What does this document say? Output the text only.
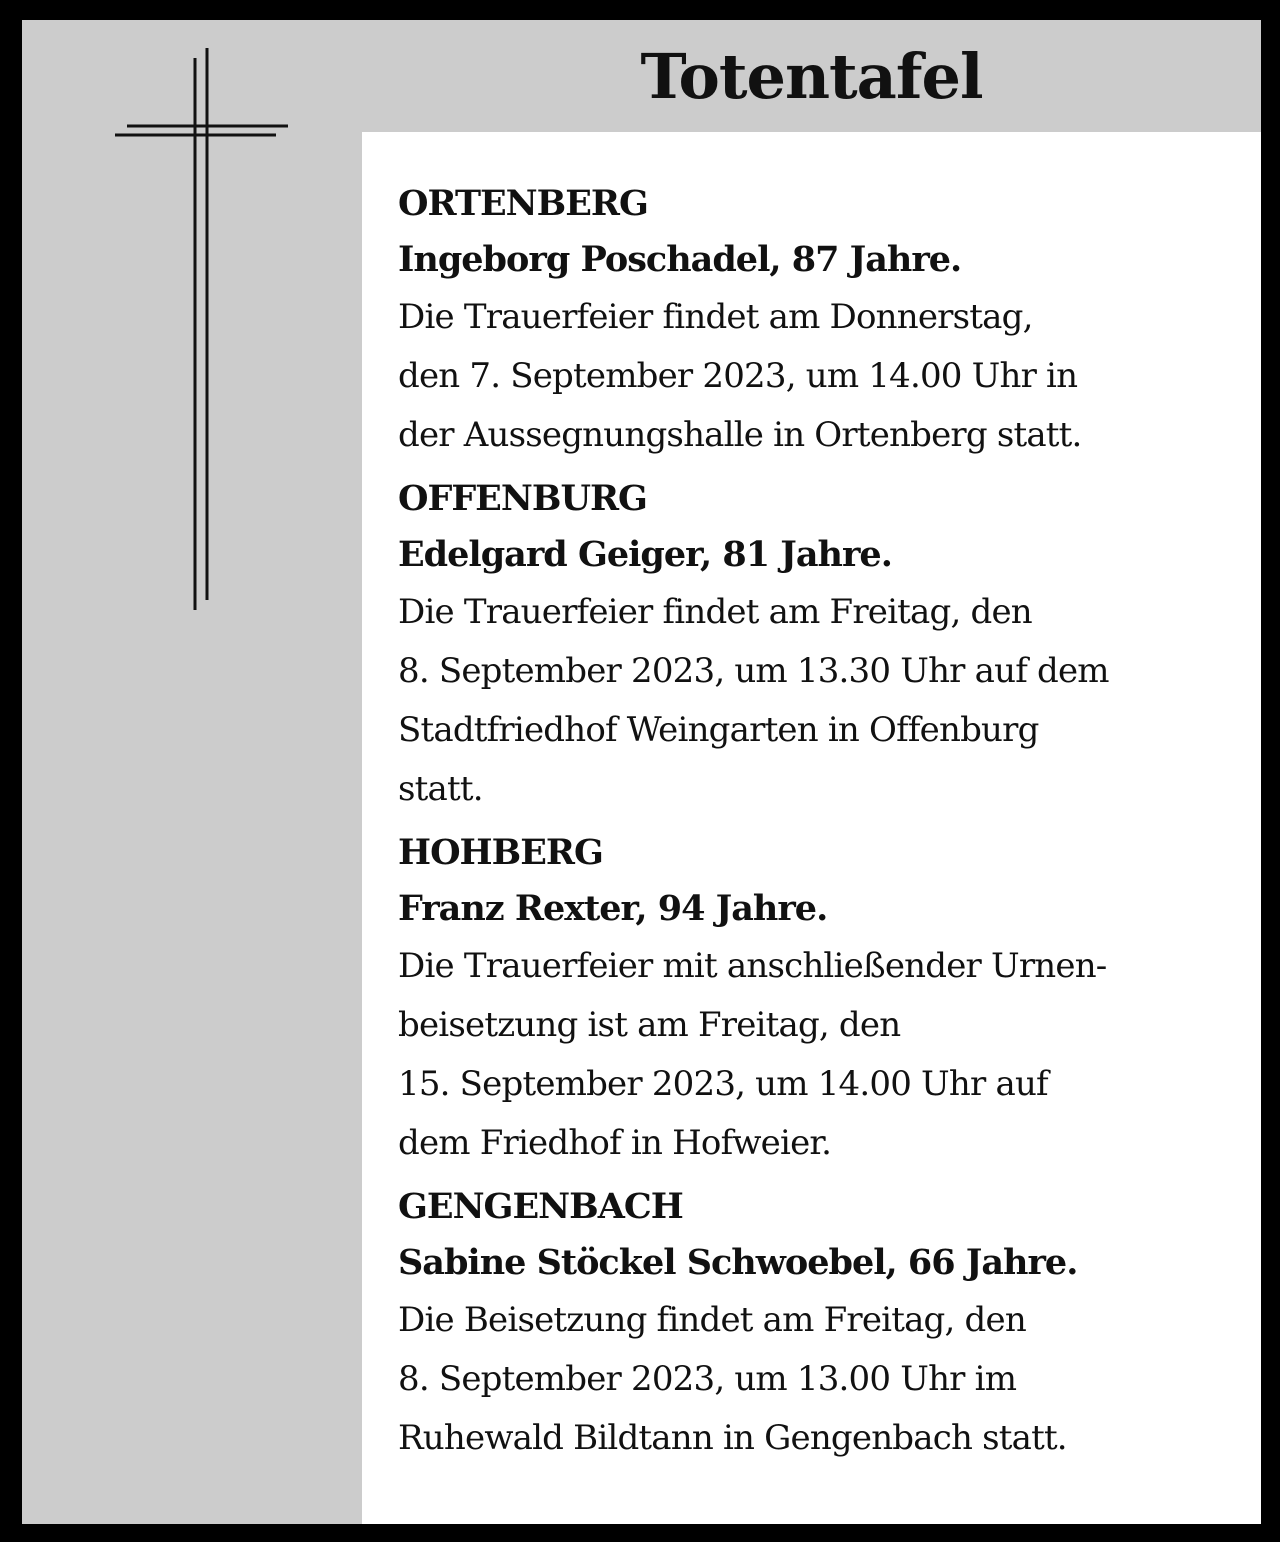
Totentafel
ORTENBERG
Ingeborg Poschadel, 87 Jahre.
Die Trauerfeier findet am Donnerstag,
den 7. September 2023, um 14.00 Uhr in
der Aussegnungshalle in Ortenberg statt.
OFFENBURG
Edelgard Geiger, 81 Jahre.
Die Trauerfeier findet am Freitag, den
8. September 2023, um 13.30 Uhr auf dem
Stadtfriedhof Weingarten in Offenburg
statt.
HOHBERG
Franz Rexter, 94 Jahre.
Die Trauerfeier mit anschließender Urnen-
beisetzung ist am Freitag, den
15. September 2023, um 14.00 Uhr auf
dem Friedhof in Hofweier.
GENGENBACH
Sabine Stöckel Schwoebel, 66 Jahre.
Die Beisetzung findet am Freitag, den
8. September 2023, um 13.00 Uhr im
Ruhewald Bildtann in Gengenbach statt.
